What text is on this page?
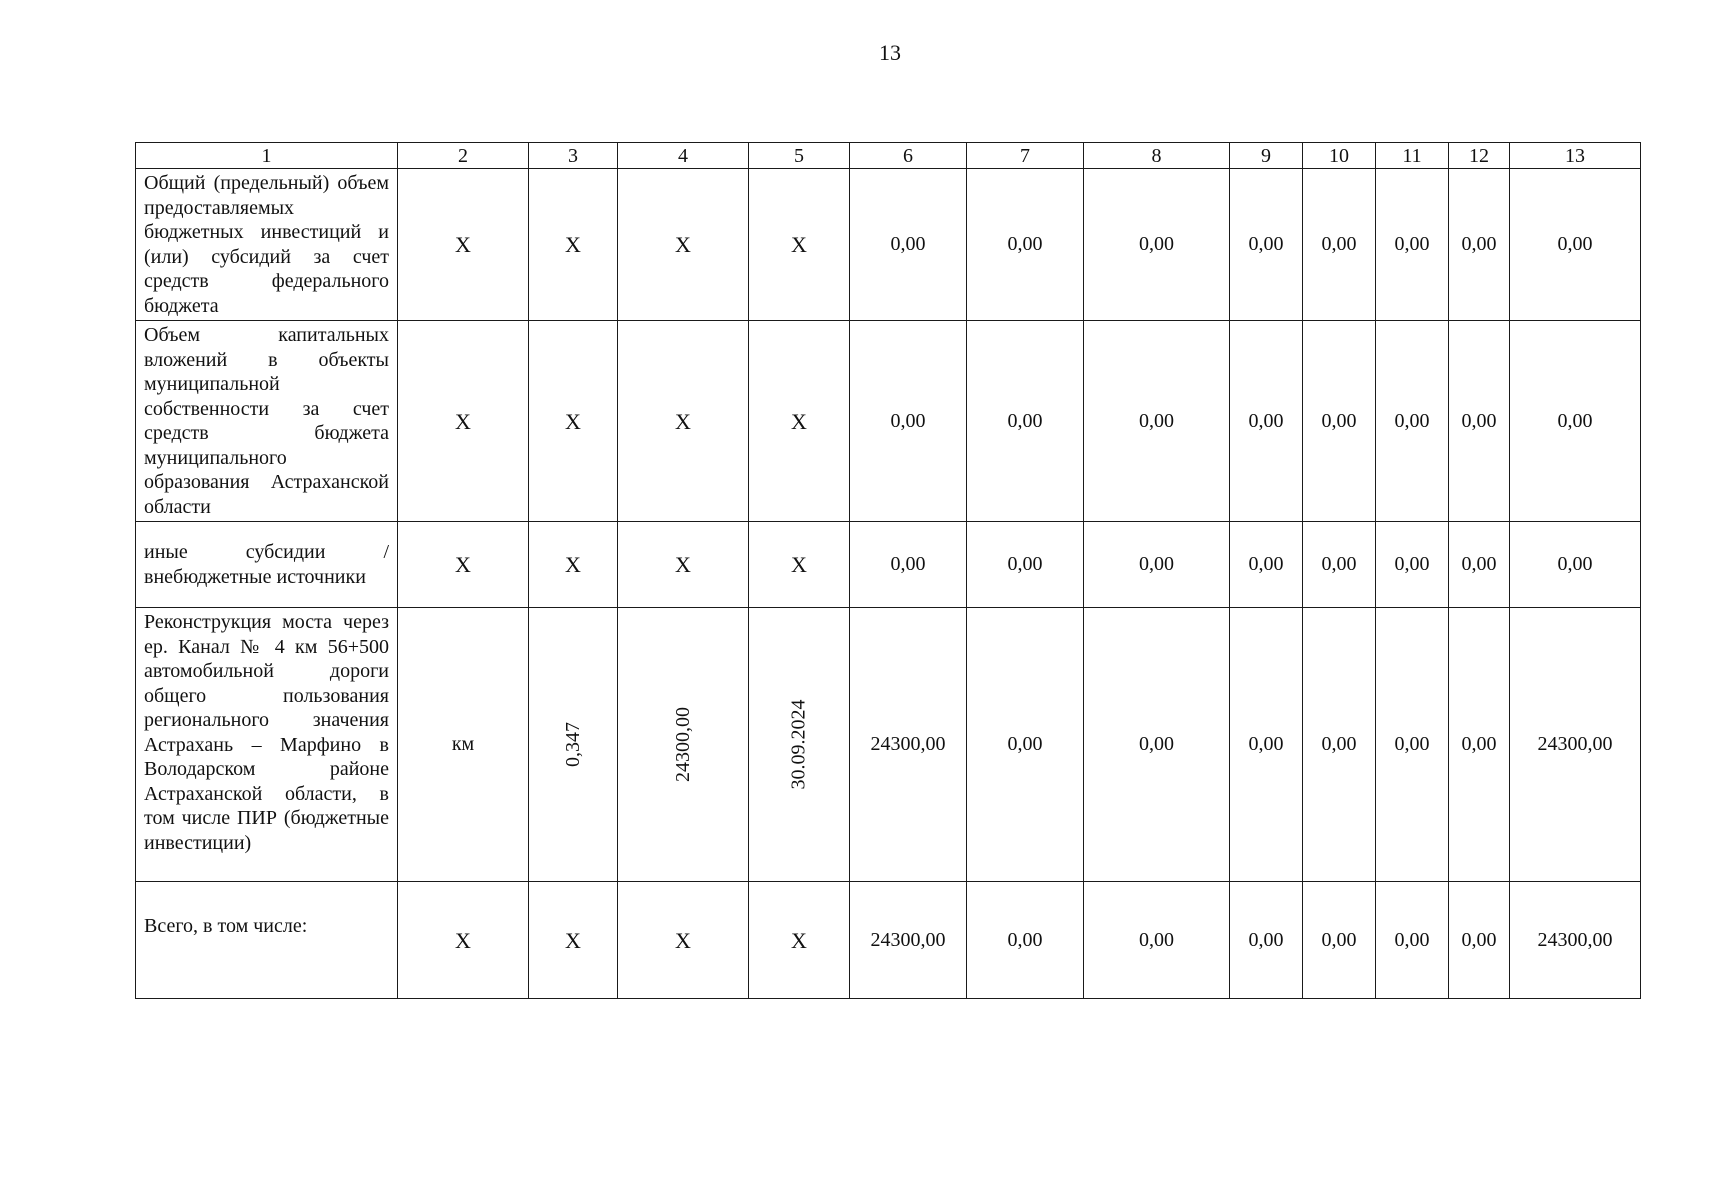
13
1	2	3	4	5	6	7	8	9	10	11	12	13
Общий (предельный) объем предоставляемых бюджетных инвестиций и (или) субсидий за счет средств федерального бюджета	X	X	X	X	0,00	0,00	0,00	0,00	0,00	0,00	0,00	0,00
Объем капитальных вложений в объекты муниципальной собственности за счет средств бюджета муниципального образования Астраханской области	X	X	X	X	0,00	0,00	0,00	0,00	0,00	0,00	0,00	0,00
иные субсидии / внебюджетные источники	X	X	X	X	0,00	0,00	0,00	0,00	0,00	0,00	0,00	0,00
Реконструкция моста через ер. Канал № 4 км 56+500 автомобильной дороги общего пользования регионального значения Астрахань – Марфино в Володарском районе Астраханской области, в том числе ПИР (бюджетные инвестиции)	км	0,347	24300,00	30.09.2024	24300,00	0,00	0,00	0,00	0,00	0,00	0,00	24300,00
Всего, в том числе:	X	X	X	X	24300,00	0,00	0,00	0,00	0,00	0,00	0,00	24300,00
